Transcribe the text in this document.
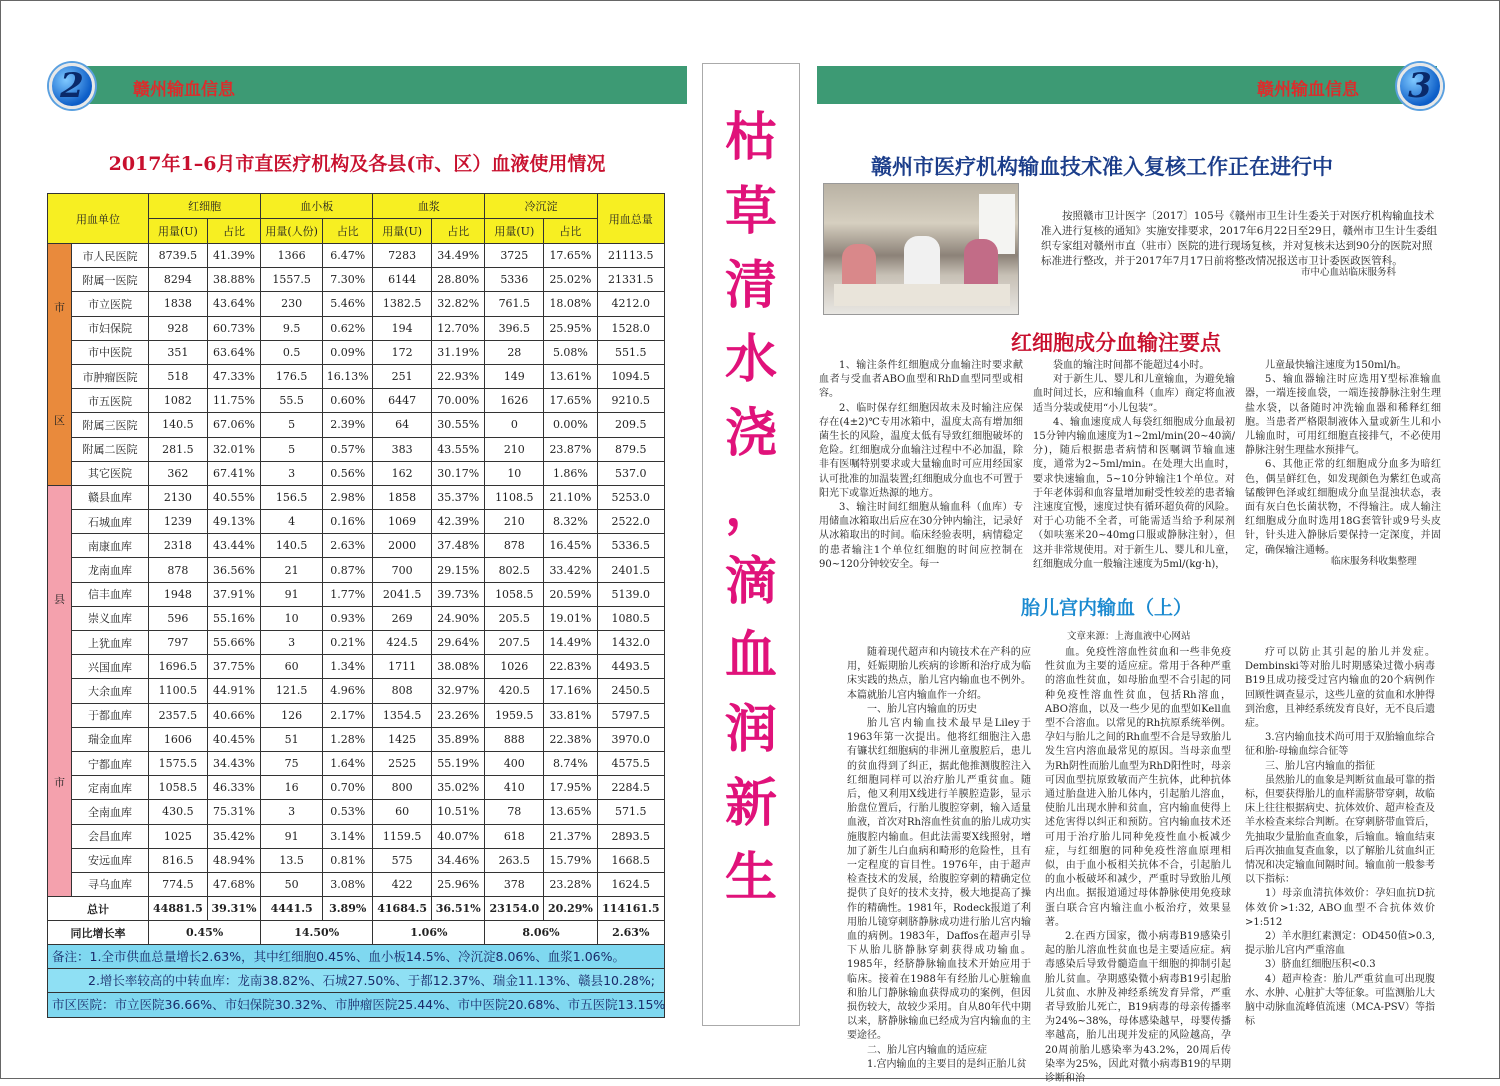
2	赣州输血信息
2017年1–6月市直医疗机构及各县(市、区）血液使用情况
用血单位		红细胞		血小板		血浆		冷沉淀		用血总量
		用量(U)	占比	用量(人份)	占比	用量(U)	占比	用量(U)	占比	

市
区	市人民医院	8739.5	41.39%	1366	6.47%	7283	34.49%	3725	17.65%	21113.5
	附属一医院	8294	38.88%	1557.5	7.30%	6144	28.80%	5336	25.02%	21331.5
	市立医院	1838	43.64%	230	5.46%	1382.5	32.82%	761.5	18.08%	4212.0
	市妇保院	928	60.73%	9.5	0.62%	194	12.70%	396.5	25.95%	1528.0
	市中医院	351	63.64%	0.5	0.09%	172	31.19%	28	5.08%	551.5
	市肿瘤医院	518	47.33%	176.5	16.13%	251	22.93%	149	13.61%	1094.5
	市五医院	1082	11.75%	55.5	0.60%	6447	70.00%	1626	17.65%	9210.5
	附属三医院	140.5	67.06%	5	2.39%	64	30.55%	0	0.00%	209.5
	附属二医院	281.5	32.01%	5	0.57%	383	43.55%	210	23.87%	879.5
	其它医院	362	67.41%	3	0.56%	162	30.17%	10	1.86%	537.0

县
市	赣县血库	2130	40.55%	156.5	2.98%	1858	35.37%	1108.5	21.10%	5253.0
	石城血库	1239	49.13%	4	0.16%	1069	42.39%	210	8.32%	2522.0
	南康血库	2318	43.44%	140.5	2.63%	2000	37.48%	878	16.45%	5336.5
	龙南血库	878	36.56%	21	0.87%	700	29.15%	802.5	33.42%	2401.5
	信丰血库	1948	37.91%	91	1.77%	2041.5	39.73%	1058.5	20.59%	5139.0
	崇义血库	596	55.16%	10	0.93%	269	24.90%	205.5	19.01%	1080.5
	上犹血库	797	55.66%	3	0.21%	424.5	29.64%	207.5	14.49%	1432.0
	兴国血库	1696.5	37.75%	60	1.34%	1711	38.08%	1026	22.83%	4493.5
	大余血库	1100.5	44.91%	121.5	4.96%	808	32.97%	420.5	17.16%	2450.5
	于都血库	2357.5	40.66%	126	2.17%	1354.5	23.26%	1959.5	33.81%	5797.5
	瑞金血库	1606	40.45%	51	1.28%	1425	35.89%	888	22.38%	3970.0
	宁都血库	1575.5	34.43%	75	1.64%	2525	55.19%	400	8.74%	4575.5
	定南血库	1058.5	46.33%	16	0.70%	800	35.02%	410	17.95%	2284.5
	全南血库	430.5	75.31%	3	0.53%	60	10.51%	78	13.65%	571.5
	会昌血库	1025	35.42%	91	3.14%	1159.5	40.07%	618	21.37%	2893.5
	安远血库	816.5	48.94%	13.5	0.81%	575	34.46%	263.5	15.79%	1668.5
	寻乌血库	774.5	47.68%	50	3.08%	422	25.96%	378	23.28%	1624.5
总计		44881.5	39.31%	4441.5	3.89%	41684.5	36.51%	23154.0	20.29%	114161.5
同比增长率		0.45%		14.50%		1.06%		8.06%		2.63%
备注：1.全市供血总量增长2.63%，其中红细胞0.45%、血小板14.5%、冷沉淀8.06%、血浆1.06%。
2.增长率较高的中转血库：龙南38.82%、石城27.50%、于都12.37%、瑞金11.13%、赣县10.28%;
市区医院：市立医院36.66%、市妇保院30.32%、市肿瘤医院25.44%、市中医院20.68%、市五医院13.15%
枯
草
清
水
浇
，
滴
血
润
新
生
赣州输血信息	3
赣州市医疗机构输血技术准入复核工作正在进行中
按照赣市卫计医字〔2017〕105号《赣州市卫生计生委关于对医疗机构输血技术准入进行复核的通知》实施安排要求，2017年6月22日至29日，赣州市卫生计生委组织专家组对赣州市直（驻市）医院的进行现场复核，并对复核未达到90分的医院对照标准进行整改，并于2017年7月17日前将整改情况报送市卫计委医政医管科。
市中心血站临床服务科
红细胞成分血输注要点

1、输注条件红细胞成分血输注时要求献血者与受血者ABO血型和RhD血型同型或相容。

2、临时保存红细胞因故未及时输注应保存在(4±2)℃专用冰箱中，温度太高有增加细菌生长的风险，温度太低有导致红细胞破坏的危险。红细胞成分血输注过程中不必加温，除非有医嘱特别要求或大量输血时可应用经国家认可批准的加温装置;红细胞成分血也不可置于阳光下或靠近热源的地方。

3、输注时间红细胞从输血科（血库）专用储血冰箱取出后应在30分钟内输注，记录好从冰箱取出的时间。临床经验表明，病情稳定的患者输注1个单位红细胞的时间应控制在90~120分钟较安全。每一

袋血的输注时间都不能超过4小时。

对于新生儿、婴儿和儿童输血，为避免输血时间过长，应和输血科（血库）商定将血液适当分装或使用“小儿包装”。

4、输血速度成人每袋红细胞成分血最初15分钟内输血速度为1~2ml/min(20~40滴/分)，随后根据患者病情和医嘱调节输血速度，通常为2~5ml/min。在处理大出血时，要求快速输血，5~10分钟输注1个单位。对于年老体弱和血容量增加耐受性较差的患者输注速度宜慢，速度过快有循环超负荷的风险。对于心功能不全者，可能需适当给予利尿剂（如呋塞米20~40mg口服或静脉注射），但这并非常规使用。对于新生儿、婴儿和儿童，红细胞成分血一般输注速度为5ml/(kg·h)，

儿童最快输注速度为150ml/h。

5、输血器输注时应选用Y型标准输血器，一端连接血袋，一端连接静脉注射生理盐水袋，以备随时冲洗输血器和稀释红细胞。当患者严格限制液体入量或新生儿和小儿输血时，可用红细胞直接排气，不必使用静脉注射生理盐水预排气。

6、其他正常的红细胞成分血多为暗红色，偶呈鲜红色，如发现颜色为紫红色或高锰酸钾色泽或红细胞成分血呈混浊状态，表面有灰白色长菌状物，不得输注。成人输注红细胞成分血时选用18G套管针或9号头皮针，针头进入静脉后要保持一定深度，并固定，确保输注通畅。

临床服务科收集整理
胎儿宫内输血（上）
文章来源：上海血液中心网站

随着现代超声和内镜技术在产科的应用，妊娠期胎儿疾病的诊断和治疗成为临床实践的热点，胎儿宫内输血也不例外。本篇就胎儿宫内输血作一介绍。

一、胎儿宫内输血的历史

胎儿宫内输血技术最早是Liley于1963年第一次提出。他将红细胞注入患有镰状红细胞病的非洲儿童腹腔后，患儿的贫血得到了纠正，据此他推测腹腔注入红细胞同样可以治疗胎儿严重贫血。随后，他又利用X线进行羊膜腔造影，显示胎盘位置后，行胎儿腹腔穿刺，输入适量血液，首次对Rh溶血性贫血的胎儿成功实施腹腔内输血。但此法需要X线照射，增加了新生儿白血病和畸形的危险性，且有一定程度的盲目性。1976年，由于超声检查技术的发展，给腹腔穿刺的精确定位提供了良好的技术支持，极大地提高了操作的精确性。1981年，Rodeck报道了利用胎儿镜穿刺脐静脉成功进行胎儿宫内输血的病例。1983年，Daffos在超声引导下从胎儿脐静脉穿刺获得成功输血。1985年，经脐静脉输血技术开始应用于临床。接着在1988年有经胎儿心脏输血和胎儿门静脉输血获得成功的案例，但因损伤较大，故较少采用。自从80年代中期以来，脐静脉输血已经成为宫内输血的主要途径。

二、胎儿宫内输血的适应症

1.宫内输血的主要目的是纠正胎儿贫

血。免疫性溶血性贫血和一些非免疫性贫血为主要的适应症。常用于各种严重的溶血性贫血，如母胎血型不合引起的同种免疫性溶血性贫血，包括Rh溶血，ABO溶血，以及一些少见的血型如Kell血型不合溶血。以常见的Rh抗原系统举例。孕妇与胎儿之间的Rh血型不合是导致胎儿发生宫内溶血最常见的原因。当母亲血型为Rh阴性而胎儿血型为RhD阳性时，母亲可因血型抗原致敏而产生抗体，此种抗体通过胎盘进入胎儿体内，引起胎儿溶血，使胎儿出现水肿和贫血，宫内输血使得上述危害得以纠正和预防。宫内输血技术还可用于治疗胎儿同种免疫性血小板减少症，与红细胞的同种免疫性溶血原理相似，由于血小板相关抗体不合，引起胎儿的血小板破坏和减少，严重时导致胎儿颅内出血。据报道通过母体静脉使用免疫球蛋白联合宫内输注血小板治疗，效果显著。

2.在西方国家，微小病毒B19感染引起的胎儿溶血性贫血也是主要适应症。病毒感染后导致骨髓造血干细胞的抑制引起胎儿贫血。孕期感染微小病毒B19引起胎儿贫血、水肿及神经系统发育异常，严重者导致胎儿死亡，B19病毒的母亲传播率为24%~38%，母体感染越早，母婴传播率越高，胎儿出现并发症的风险越高，孕20周前胎儿感染率为43.2%，20周后传染率为25%，因此对微小病毒B19的早期诊断和治

疗可以防止其引起的胎儿并发症。Dembinski等对胎儿时期感染过微小病毒B19且成功接受过宫内输血的20个病例作回顾性调查显示，这些儿童的贫血和水肿得到治愈，且神经系统发育良好，无不良后遗症。

3.宫内输血技术尚可用于双胎输血综合征和胎-母输血综合征等

三、胎儿宫内输血的指征

虽然胎儿的血象是判断贫血最可靠的指标，但要获得胎儿的血样需脐带穿刺，故临床上往往根据病史、抗体效价、超声检查及羊水检查来综合判断。在穿刺脐带血管后，先抽取少量胎血查血象，后输血。输血结束后再次抽血复查血象，以了解胎儿贫血纠正情况和决定输血间隔时间。输血前一般参考以下指标：

1）母亲血清抗体效价：孕妇血抗D抗体效价>1:32, ABO血型不合抗体效价>1:512

2）羊水胆红素测定：OD450值>0.3,提示胎儿宫内严重溶血

3）脐血红细胞压积<0.3

4）超声检查：胎儿严重贫血可出现腹水、水肿、心脏扩大等征象。可监测胎儿大脑中动脉血流峰值流速（MCA-PSV）等指标
